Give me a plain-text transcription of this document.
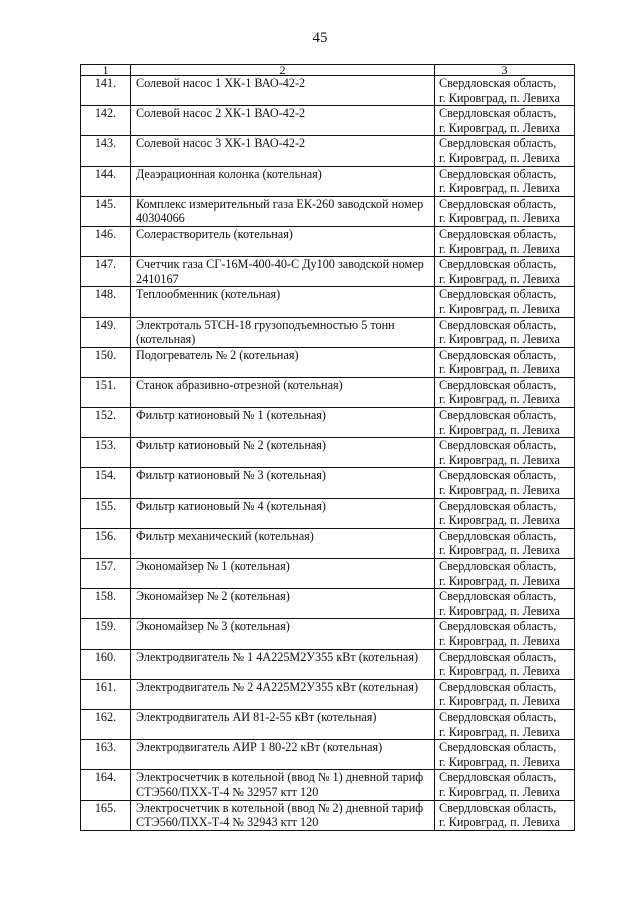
45
1	2	3
141.	Солевой насос 1 ХК-1 ВАО-42-2	Свердловская область,
г. Кировград, п. Левиха

142.	Солевой насос 2 ХК-1 ВАО-42-2	Свердловская область,
г. Кировград, п. Левиха

143.	Солевой насос 3 ХК-1 ВАО-42-2	Свердловская область,
г. Кировград, п. Левиха

144.	Деаэрационная колонка (котельная)	Свердловская область,
г. Кировград, п. Левиха

145.	Комплекс измерительный газа ЕК-260 заводской номер 40304066	Свердловская область,
г. Кировград, п. Левиха

146.	Солерастворитель (котельная)	Свердловская область,
г. Кировград, п. Левиха

147.	Счетчик газа СГ-16М-400-40-С Ду100 заводской номер 2410167	Свердловская область,
г. Кировград, п. Левиха

148.	Теплообменник (котельная)	Свердловская область,
г. Кировград, п. Левиха

149.	Электроталь 5ТСН-18 грузоподъемностью 5 тонн (котельная)	Свердловская область,
г. Кировград, п. Левиха

150.	Подогреватель № 2 (котельная)	Свердловская область,
г. Кировград, п. Левиха

151.	Станок абразивно-отрезной (котельная)	Свердловская область,
г. Кировград, п. Левиха

152.	Фильтр катионовый № 1 (котельная)	Свердловская область,
г. Кировград, п. Левиха

153.	Фильтр катионовый № 2 (котельная)	Свердловская область,
г. Кировград, п. Левиха

154.	Фильтр катионовый № 3 (котельная)	Свердловская область,
г. Кировград, п. Левиха

155.	Фильтр катионовый № 4 (котельная)	Свердловская область,
г. Кировград, п. Левиха

156.	Фильтр механический (котельная)	Свердловская область,
г. Кировград, п. Левиха

157.	Экономайзер № 1 (котельная)	Свердловская область,
г. Кировград, п. Левиха

158.	Экономайзер № 2 (котельная)	Свердловская область,
г. Кировград, п. Левиха

159.	Экономайзер № 3 (котельная)	Свердловская область,
г. Кировград, п. Левиха

160.	Электродвигатель № 1 4А225М2У355 кВт (котельная)	Свердловская область,
г. Кировград, п. Левиха

161.	Электродвигатель № 2 4А225М2У355 кВт (котельная)	Свердловская область,
г. Кировград, п. Левиха

162.	Электродвигатель АИ 81-2-55 кВт (котельная)	Свердловская область,
г. Кировград, п. Левиха

163.	Электродвигатель АИР 1 80-22 кВт (котельная)	Свердловская область,
г. Кировград, п. Левиха

164.	Электросчетчик в котельной (ввод № 1) дневной тариф СТЭ560/ПХХ-Т-4 № 32957 ктт 120	Свердловская область,
г. Кировград, п. Левиха

165.	Электросчетчик в котельной (ввод № 2) дневной тариф СТЭ560/ПХХ-Т-4 № 32943 ктт 120	Свердловская область,
г. Кировград, п. Левиха
